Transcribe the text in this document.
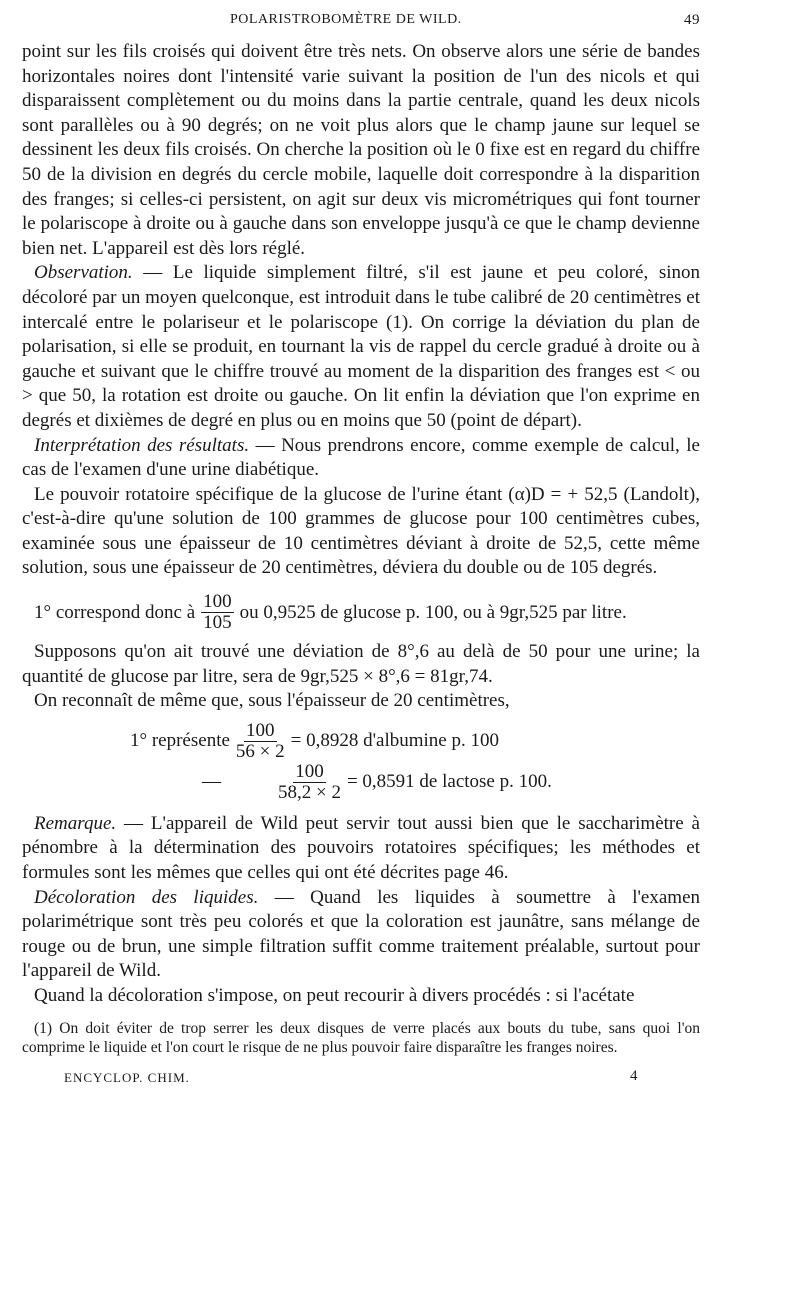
POLARISTROBOMÈTRE DE WILD.	49

point sur les fils croisés qui doivent être très nets. On observe alors une série de bandes horizontales noires dont l'intensité varie suivant la position de l'un des nicols et qui disparaissent complètement ou du moins dans la partie centrale, quand les deux nicols sont parallèles ou à 90 degrés; on ne voit plus alors que le champ jaune sur lequel se dessinent les deux fils croisés. On cherche la position où le 0 fixe est en regard du chiffre 50 de la division en degrés du cercle mobile, laquelle doit correspondre à la disparition des franges; si celles-ci persistent, on agit sur deux vis micrométriques qui font tourner le polariscope à droite ou à gauche dans son enveloppe jusqu'à ce que le champ devienne bien net. L'appareil est dès lors réglé.

Observation. — Le liquide simplement filtré, s'il est jaune et peu coloré, sinon décoloré par un moyen quelconque, est introduit dans le tube calibré de 20 centimètres et intercalé entre le polariseur et le polariscope (1). On corrige la déviation du plan de polarisation, si elle se produit, en tournant la vis de rappel du cercle gradué à droite ou à gauche et suivant que le chiffre trouvé au moment de la disparition des franges est < ou > que 50, la rotation est droite ou gauche. On lit enfin la déviation que l'on exprime en degrés et dixièmes de degré en plus ou en moins que 50 (point de départ).

Interprétation des résultats. — Nous prendrons encore, comme exemple de calcul, le cas de l'examen d'une urine diabétique.

Le pouvoir rotatoire spécifique de la glucose de l'urine étant (α)D = + 52,5 (Landolt), c'est-à-dire qu'une solution de 100 grammes de glucose pour 100 centimètres cubes, examinée sous une épaisseur de 10 centimètres déviant à droite de 52,5, cette même solution, sous une épaisseur de 20 centimètres, déviera du double ou de 105 degrés.

1° correspond donc à $\frac{100}{105}$ ou 0,9525 de glucose p. 100, ou à 9gr,525 par litre.

Supposons qu'on ait trouvé une déviation de 8°,6 au delà de 50 pour une urine; la quantité de glucose par litre, sera de 9gr,525 × 8°,6 = 81gr,74.

On reconnaît de même que, sous l'épaisseur de 20 centimètres,

1° représente $\frac{100}{56 \times 2} = 0,8928$ d'albumine p. 100
—	$\frac{100}{58,2 \times 2} = 0,8591$ de lactose p. 100.

Remarque. — L'appareil de Wild peut servir tout aussi bien que le saccharimètre à pénombre à la détermination des pouvoirs rotatoires spécifiques; les méthodes et formules sont les mêmes que celles qui ont été décrites page 46.

Décoloration des liquides. — Quand les liquides à soumettre à l'examen polarimétrique sont très peu colorés et que la coloration est jaunâtre, sans mélange de rouge ou de brun, une simple filtration suffit comme traitement préalable, surtout pour l'appareil de Wild.

Quand la décoloration s'impose, on peut recourir à divers procédés : si l'acétate

(1) On doit éviter de trop serrer les deux disques de verre placés aux bouts du tube, sans quoi l'on comprime le liquide et l'on court le risque de ne plus pouvoir faire disparaître les franges noires.
ENCYCLOP. CHIM.	4
